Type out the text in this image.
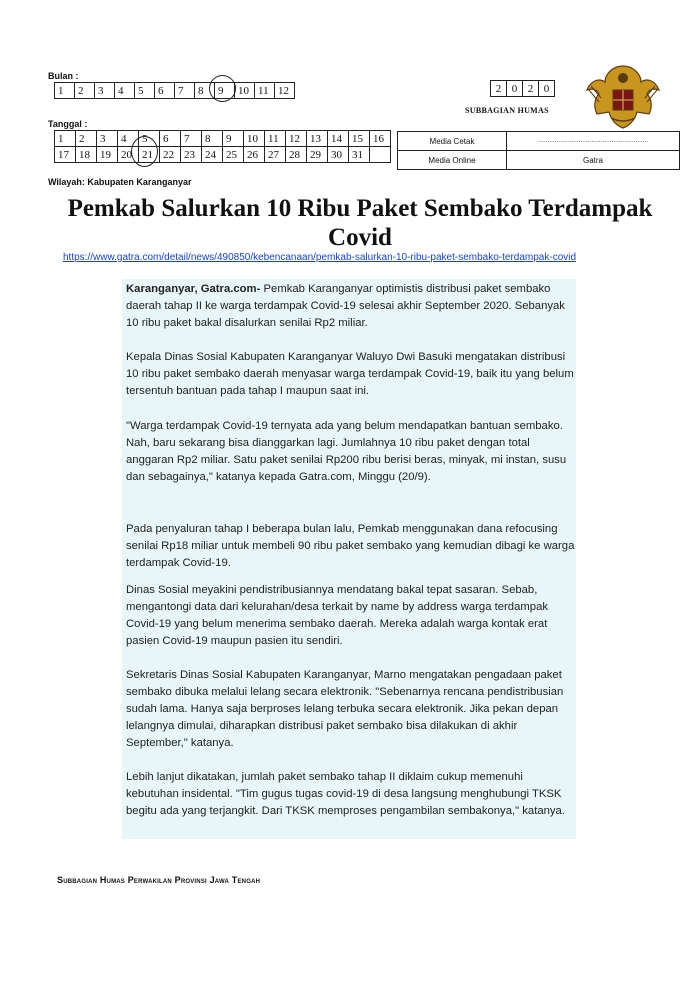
Bulan :
1	2	3	4	5	6	7	8	9	10	11	12
Tanggal :
1	2	3	4	5	6	7	8	9	10	11	12	13	14	15	16
17	18	19	20	21	22	23	24	25	26	27	28	29	30	31	
2	0	2	0
SUBBAGIAN HUMAS
Media Cetak	……………………………………………………
Media Online	Gatra
Wilayah: Kabupaten Karanganyar
Pemkab Salurkan 10 Ribu Paket Sembako Terdampak Covid
https://www.gatra.com/detail/news/490850/kebencanaan/pemkab-salurkan-10-ribu-paket-sembako-terdampak-covid

Karanganyar, Gatra.com- Pemkab Karanganyar optimistis distribusi paket sembako daerah tahap II ke warga terdampak Covid-19 selesai akhir September 2020. Sebanyak 10 ribu paket bakal disalurkan senilai Rp2 miliar.

Kepala Dinas Sosial Kabupaten Karanganyar Waluyo Dwi Basuki mengatakan distribusi 10 ribu paket sembako daerah menyasar warga terdampak Covid-19, baik itu yang belum tersentuh bantuan pada tahap I maupun saat ini.

"Warga terdampak Covid-19 ternyata ada yang belum mendapatkan bantuan sembako. Nah, baru sekarang bisa dianggarkan lagi. Jumlahnya 10 ribu paket dengan total anggaran Rp2 miliar. Satu paket senilai Rp200 ribu berisi beras, minyak, mi instan, susu dan sebagainya," katanya kepada Gatra.com, Minggu (20/9).

Pada penyaluran tahap I beberapa bulan lalu, Pemkab menggunakan dana refocusing senilai Rp18 miliar untuk membeli 90 ribu paket sembako yang kemudian dibagi ke warga terdampak Covid-19.

Dinas Sosial meyakini pendistribusiannya mendatang bakal tepat sasaran. Sebab, mengantongi data dari kelurahan/desa terkait by name by address warga terdampak Covid-19 yang belum menerima sembako daerah. Mereka adalah warga kontak erat pasien Covid-19 maupun pasien itu sendiri.

Sekretaris Dinas Sosial Kabupaten Karanganyar, Marno mengatakan pengadaan paket sembako dibuka melalui lelang secara elektronik. "Sebenarnya rencana pendistribusian sudah lama. Hanya saja berproses lelang terbuka secara elektronik. Jika pekan depan lelangnya dimulai, diharapkan distribusi paket sembako bisa dilakukan di akhir September," katanya.

Lebih lanjut dikatakan, jumlah paket sembako tahap II diklaim cukup memenuhi kebutuhan insidental. "Tim gugus tugas covid-19 di desa langsung menghubungi TKSK begitu ada yang terjangkit. Dari TKSK memproses pengambilan sembakonya," katanya.

Subbagian Humas Perwakilan Provinsi Jawa Tengah
